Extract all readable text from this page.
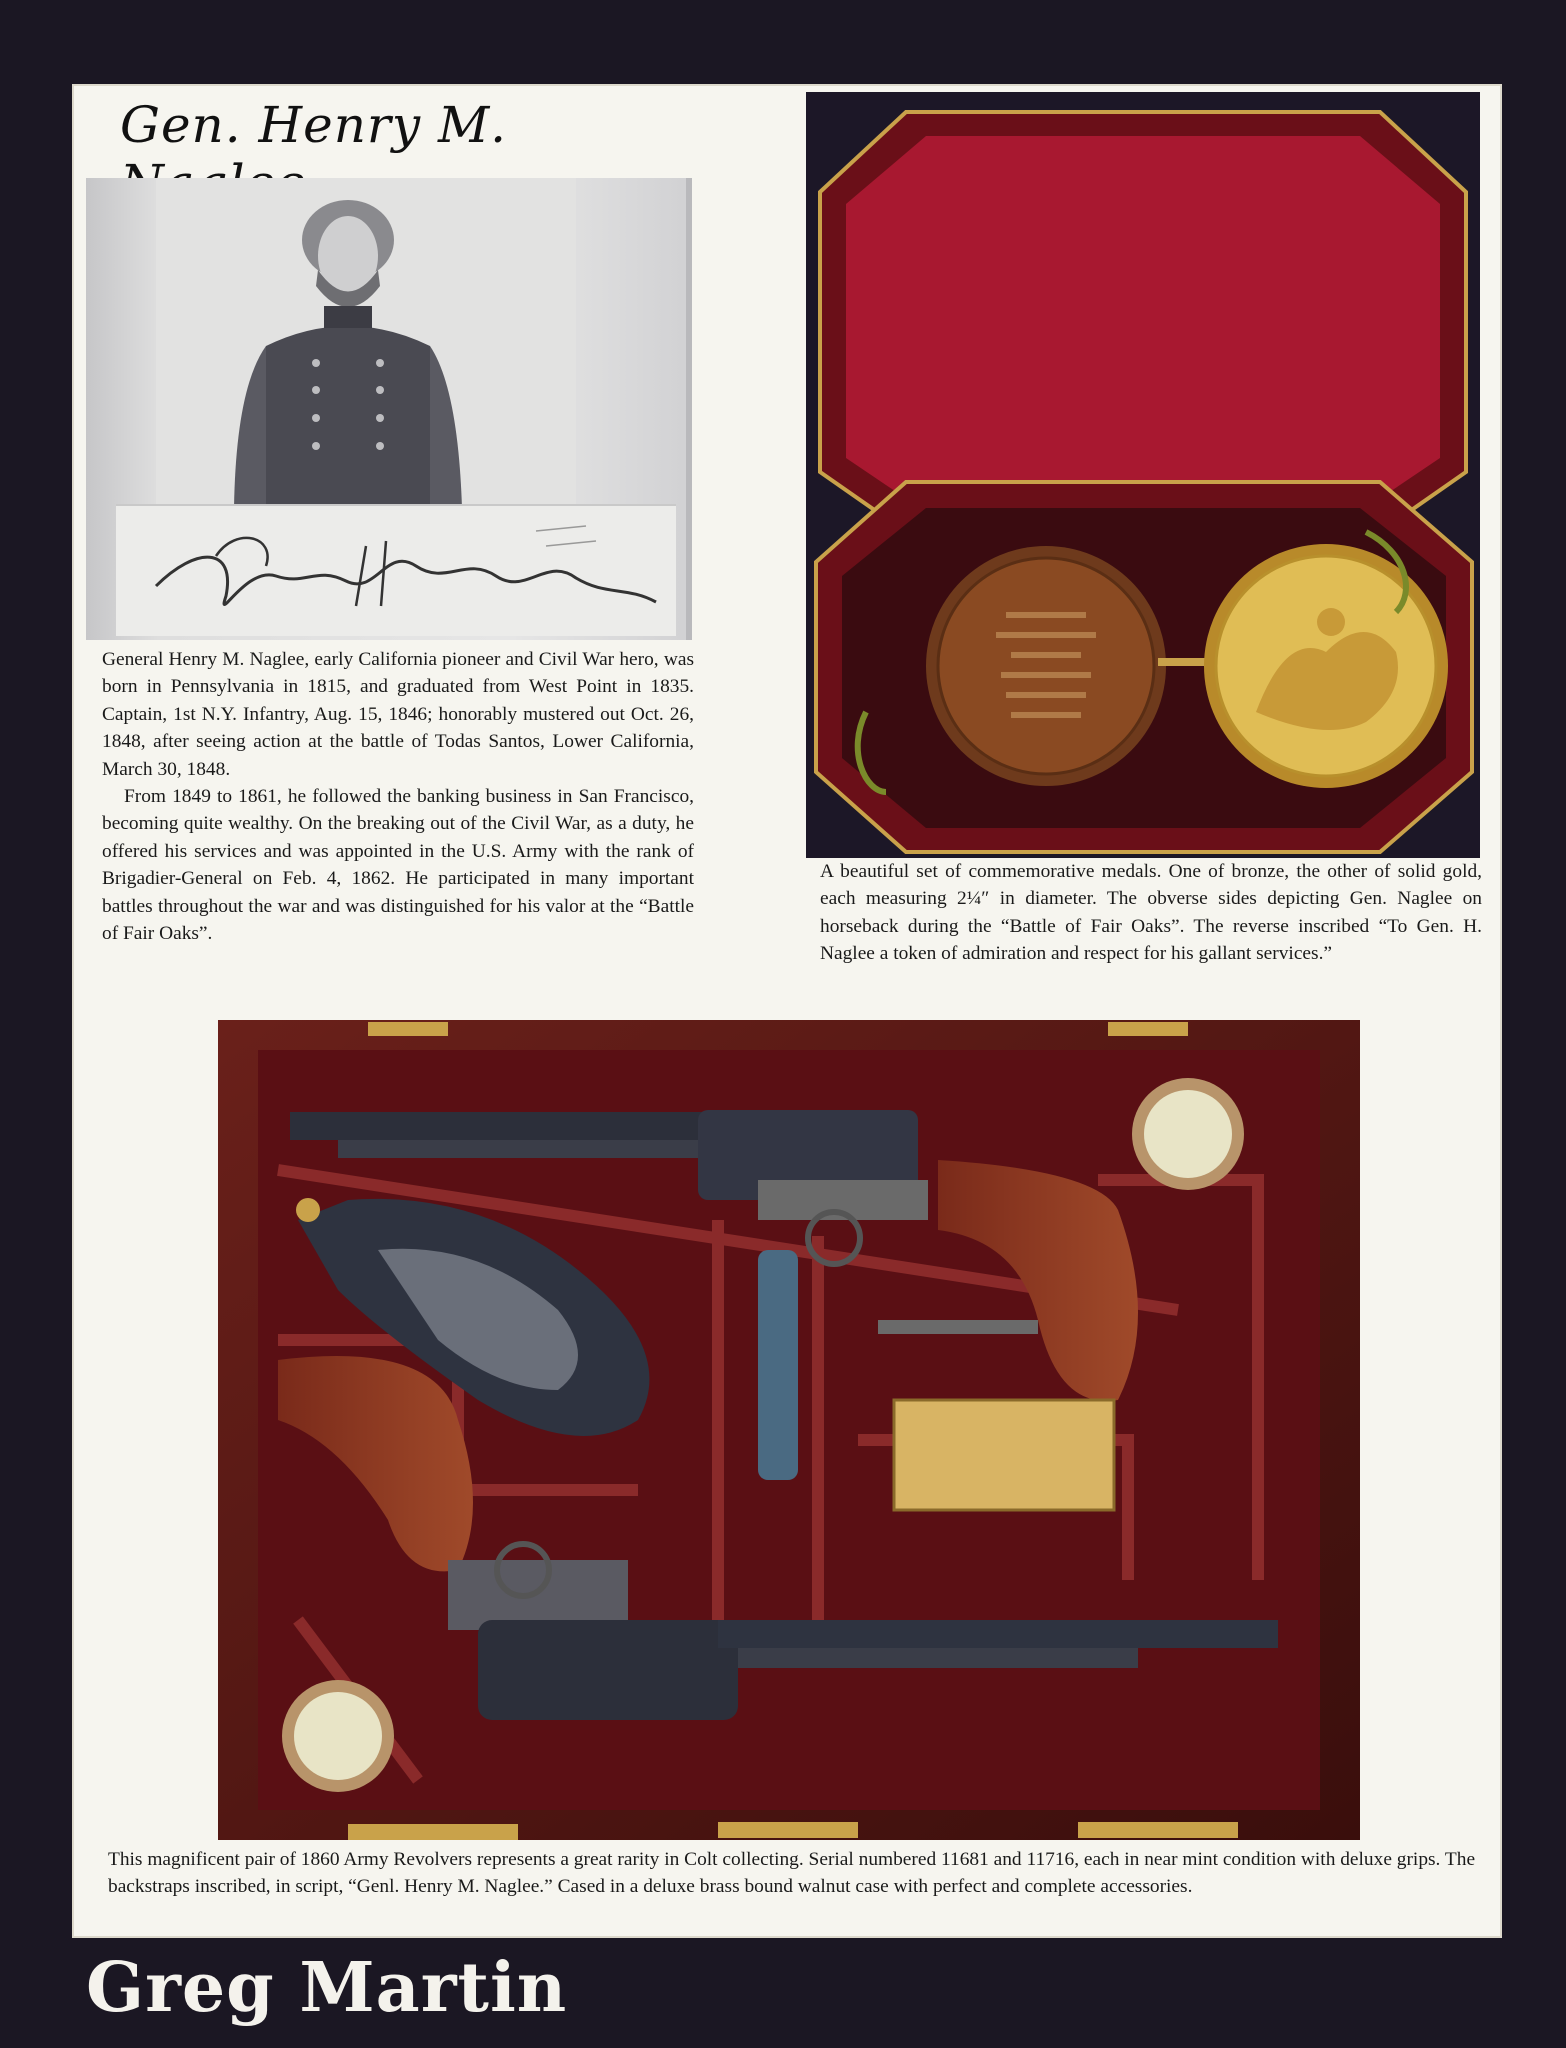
Gen. Henry M.

General Henry M. Naglee, early California pioneer and Civil War hero, was born in Pennsylvania in 1815, and graduated from West Point in 1835. Captain, 1st N.Y. Infantry, Aug. 15, 1846; honorably mustered out Oct. 26, 1848, after seeing action at the battle of Todas Santos, Lower California, March 30, 1848.

From 1849 to 1861, he followed the banking business in San Francisco, becoming quite wealthy. On the breaking out of the Civil War, as a duty, he offered his services and was appointed in the U.S. Army with the rank of Brigadier-General on Feb. 4, 1862. He participated in many important battles throughout the war and was distinguished for his valor at the “Battle of Fair Oaks”.

A beautiful set of commemorative medals. One of bronze, the other of solid gold, each measuring 2¼″ in diameter. The obverse sides depicting Gen. Naglee on horseback during the “Battle of Fair Oaks”. The reverse inscribed “To Gen. H. Naglee a token of admiration and respect for his gallant services.”
This magnificent pair of 1860 Army Revolvers represents a great rarity in Colt collecting. Serial numbered 11681 and 11716, each in near mint condition with deluxe grips. The backstraps inscribed, in script, “Genl. Henry M. Naglee.” Cased in a deluxe brass bound walnut case with perfect and complete accessories.
Greg Martin
